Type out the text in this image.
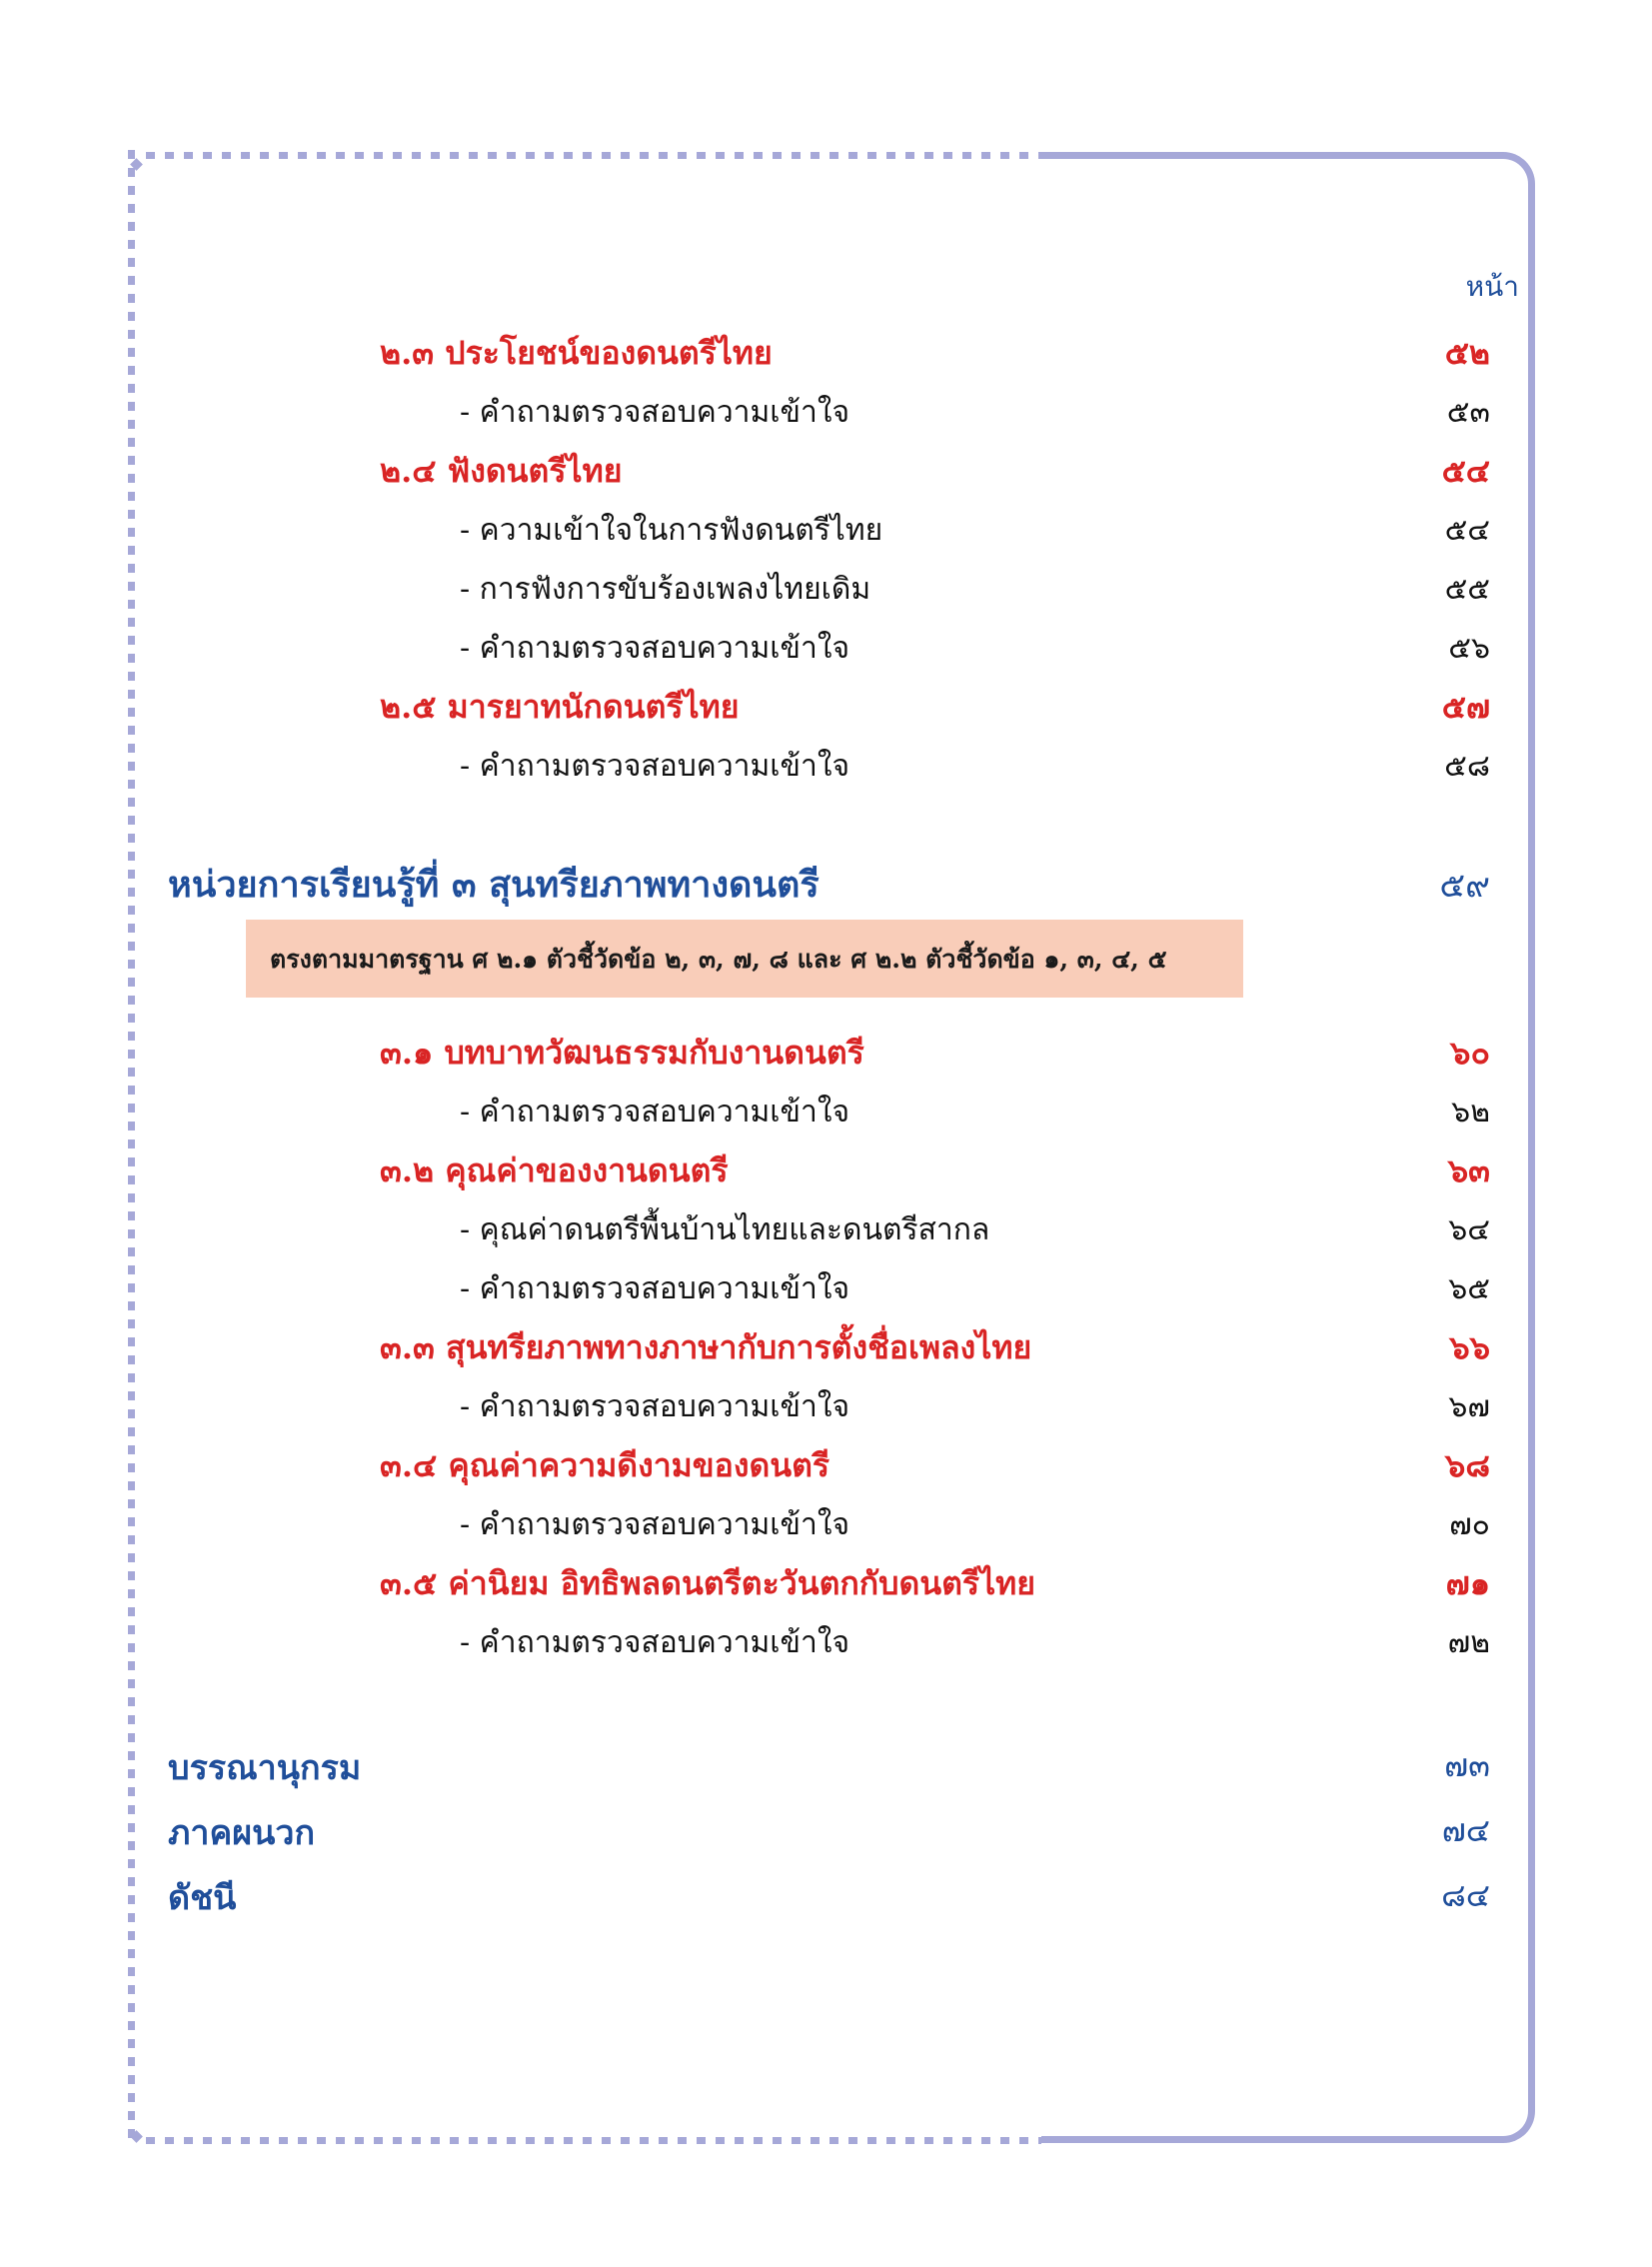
หน้า
๒.๓ ประโยชน์ของดนตรีไทย	๕๒
- คำถามตรวจสอบความเข้าใจ	๕๓
๒.๔ ฟังดนตรีไทย	๕๔
- ความเข้าใจในการฟังดนตรีไทย	๕๔
- การฟังการขับร้องเพลงไทยเดิม	๕๕
- คำถามตรวจสอบความเข้าใจ	๕๖
๒.๕ มารยาทนักดนตรีไทย	๕๗
- คำถามตรวจสอบความเข้าใจ	๕๘
หน่วยการเรียนรู้ที่ ๓ สุนทรียภาพทางดนตรี	๕๙
ตรงตามมาตรฐาน ศ ๒.๑ ตัวชี้วัดข้อ ๒, ๓, ๗, ๘ และ ศ ๒.๒ ตัวชี้วัดข้อ ๑, ๓, ๔, ๕
๓.๑ บทบาทวัฒนธรรมกับงานดนตรี	๖๐
- คำถามตรวจสอบความเข้าใจ	๖๒
๓.๒ คุณค่าของงานดนตรี	๖๓
- คุณค่าดนตรีพื้นบ้านไทยและดนตรีสากล	๖๔
- คำถามตรวจสอบความเข้าใจ	๖๕
๓.๓ สุนทรียภาพทางภาษากับการตั้งชื่อเพลงไทย	๖๖
- คำถามตรวจสอบความเข้าใจ	๖๗
๓.๔ คุณค่าความดีงามของดนตรี	๖๘
- คำถามตรวจสอบความเข้าใจ	๗๐
๓.๕ ค่านิยม อิทธิพลดนตรีตะวันตกกับดนตรีไทย	๗๑
- คำถามตรวจสอบความเข้าใจ	๗๒
บรรณานุกรม	๗๓
ภาคผนวก	๗๔
ดัชนี	๘๔
